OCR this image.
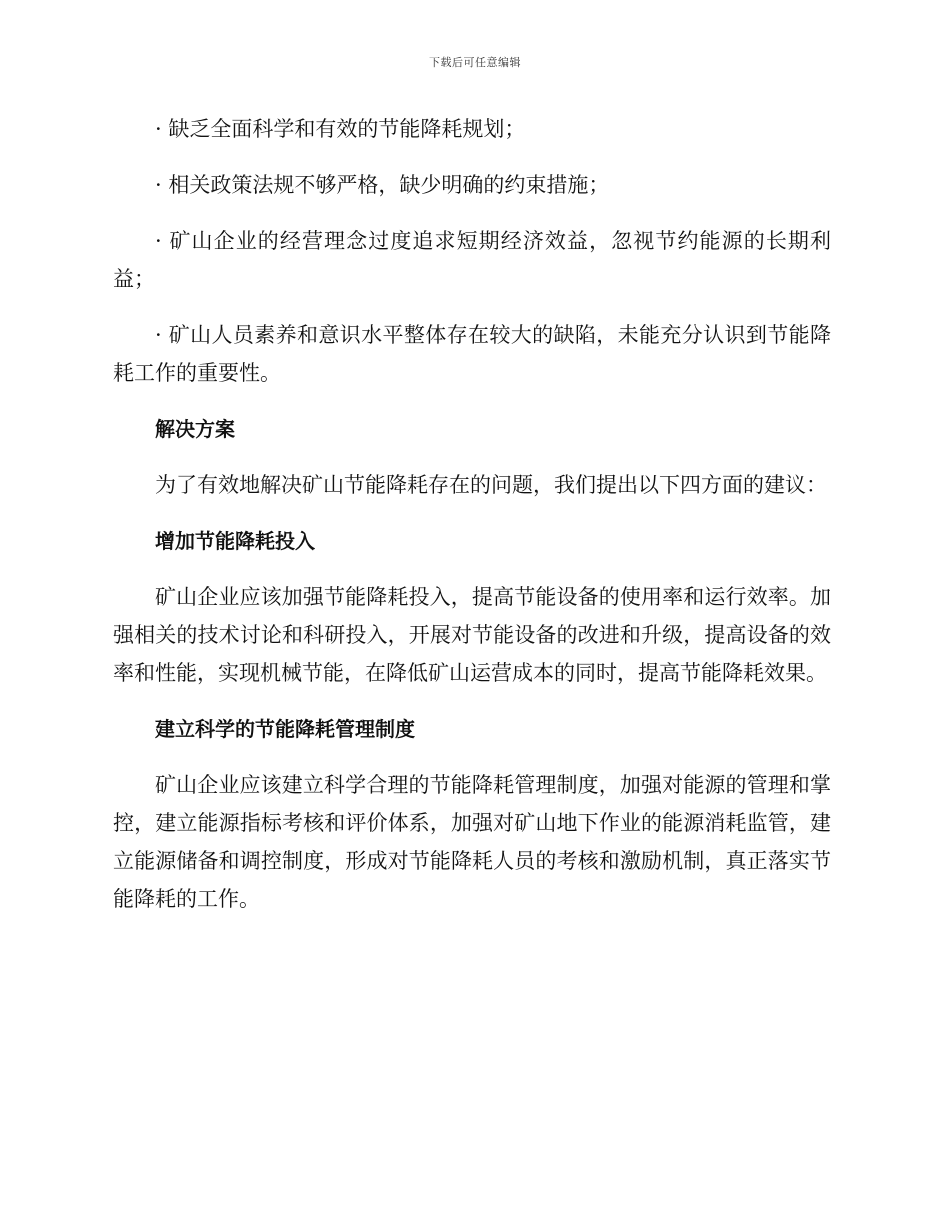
下载后可任意编辑

· 缺乏全面科学和有效的节能降耗规划；

· 相关政策法规不够严格，缺少明确的约束措施；

· 矿山企业的经营理念过度追求短期经济效益，忽视节约能源的长期利益；

· 矿山人员素养和意识水平整体存在较大的缺陷，未能充分认识到节能降耗工作的重要性。

解决方案

为了有效地解决矿山节能降耗存在的问题，我们提出以下四方面的建议：

增加节能降耗投入

矿山企业应该加强节能降耗投入，提高节能设备的使用率和运行效率。加强相关的技术讨论和科研投入，开展对节能设备的改进和升级，提高设备的效率和性能，实现机械节能，在降低矿山运营成本的同时，提高节能降耗效果。

建立科学的节能降耗管理制度

矿山企业应该建立科学合理的节能降耗管理制度，加强对能源的管理和掌控，建立能源指标考核和评价体系，加强对矿山地下作业的能源消耗监管，建立能源储备和调控制度，形成对节能降耗人员的考核和激励机制，真正落实节能降耗的工作。
